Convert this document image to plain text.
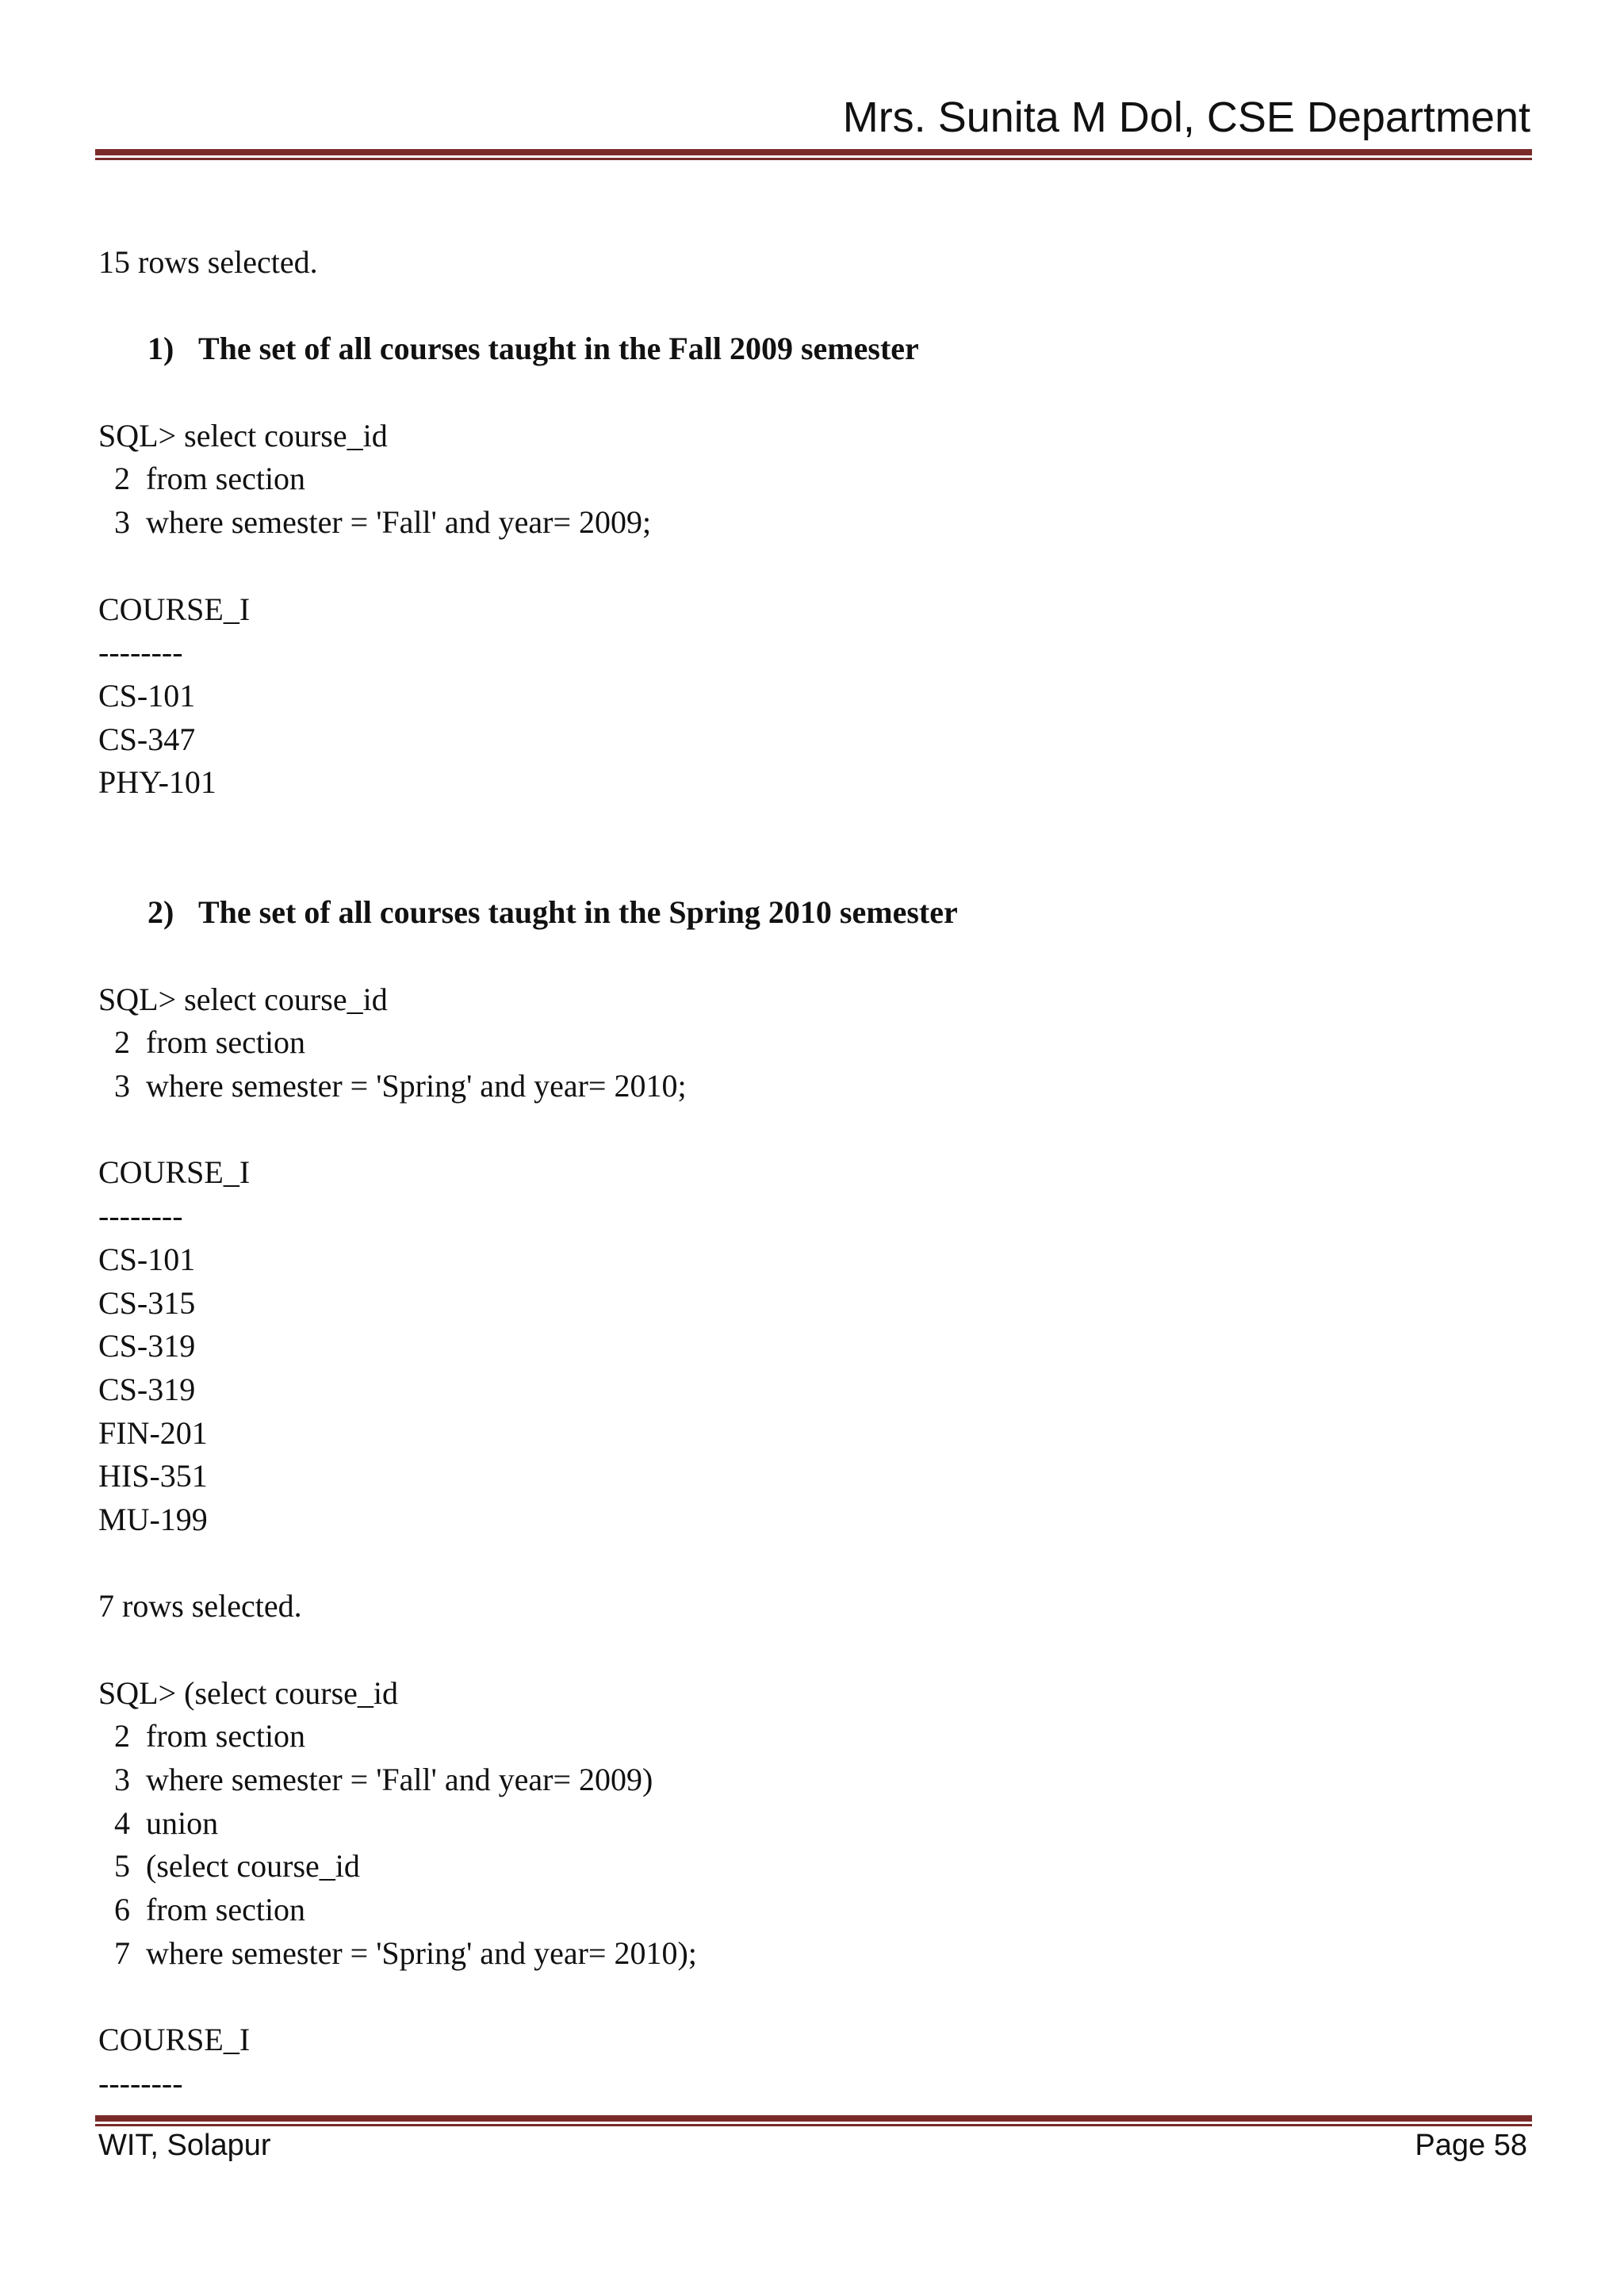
Mrs. Sunita M Dol, CSE Department
15 rows selected.
1) The set of all courses taught in the Fall 2009 semester
SQL> select course_id
2  from section
3  where semester = 'Fall' and year= 2009;
COURSE_I
--------
CS-101
CS-347
PHY-101
2) The set of all courses taught in the Spring 2010 semester
SQL> select course_id
2  from section
3  where semester = 'Spring' and year= 2010;
COURSE_I
--------
CS-101
CS-315
CS-319
CS-319
FIN-201
HIS-351
MU-199
7 rows selected.
SQL> (select course_id
2  from section
3  where semester = 'Fall' and year= 2009)
4  union
5  (select course_id
6  from section
7  where semester = 'Spring' and year= 2010);
COURSE_I
--------
WIT, Solapur	Page 58
